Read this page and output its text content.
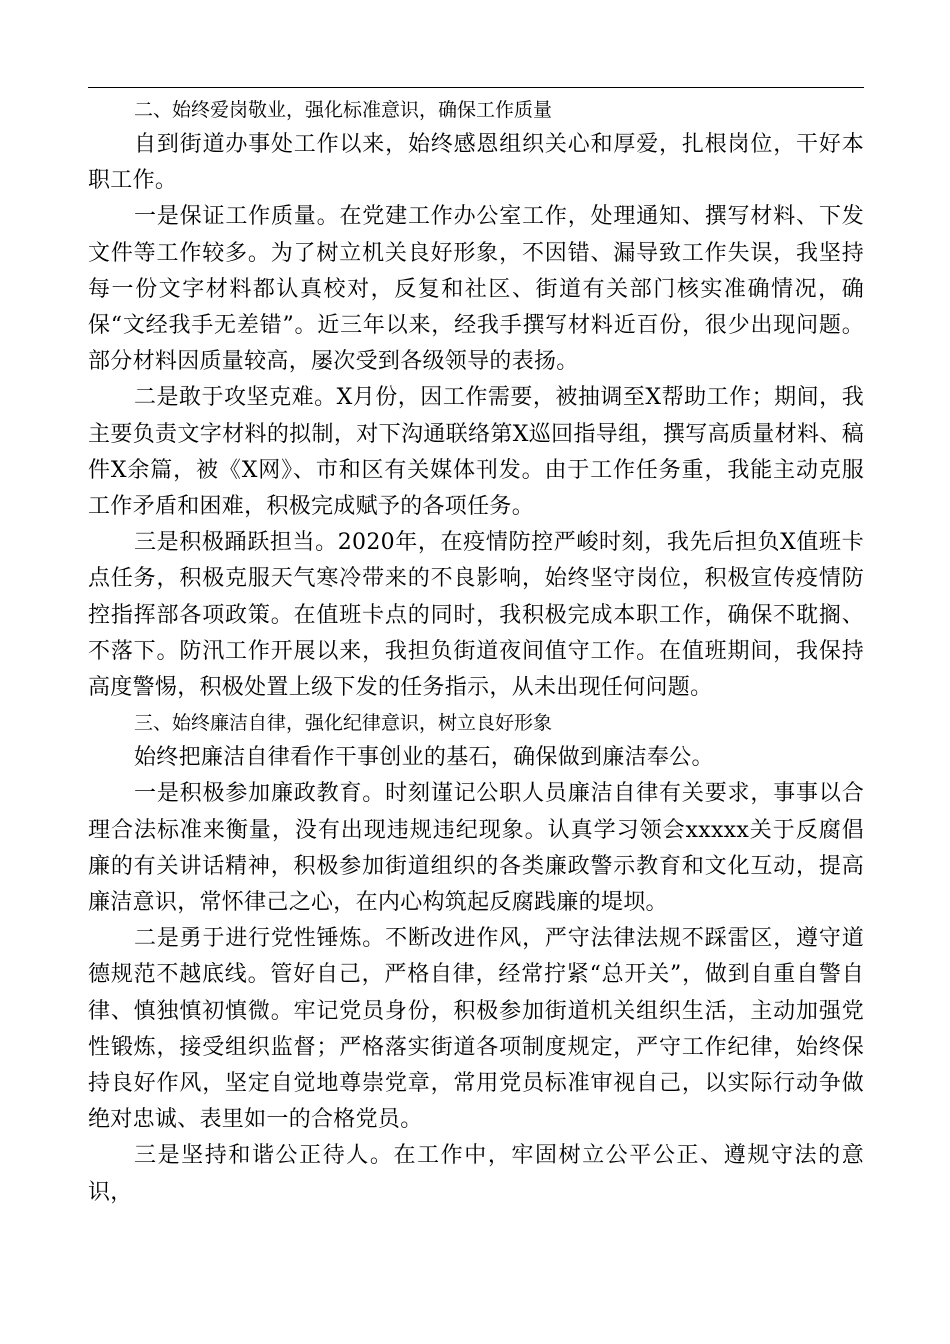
二、始终爱岗敬业，强化标准意识，确保工作质量

自到街道办事处工作以来，始终感恩组织关心和厚爱，扎根岗位，干好本职工作。

一是保证工作质量。在党建工作办公室工作，处理通知、撰写材料、下发文件等工作较多。为了树立机关良好形象，不因错、漏导致工作失误，我坚持每一份文字材料都认真校对，反复和社区、街道有关部门核实准确情况，确保“文经我手无差错”。近三年以来，经我手撰写材料近百份，很少出现问题。部分材料因质量较高，屡次受到各级领导的表扬。

二是敢于攻坚克难。X月份，因工作需要，被抽调至X帮助工作；期间，我主要负责文字材料的拟制，对下沟通联络第X巡回指导组，撰写高质量材料、稿件X余篇，被《X网》、市和区有关媒体刊发。由于工作任务重，我能主动克服工作矛盾和困难，积极完成赋予的各项任务。

三是积极踊跃担当。2020年，在疫情防控严峻时刻，我先后担负X值班卡点任务，积极克服天气寒冷带来的不良影响，始终坚守岗位，积极宣传疫情防控指挥部各项政策。在值班卡点的同时，我积极完成本职工作，确保不耽搁、不落下。防汛工作开展以来，我担负街道夜间值守工作。在值班期间，我保持高度警惕，积极处置上级下发的任务指示，从未出现任何问题。

三、始终廉洁自律，强化纪律意识，树立良好形象

始终把廉洁自律看作干事创业的基石，确保做到廉洁奉公。

一是积极参加廉政教育。时刻谨记公职人员廉洁自律有关要求，事事以合理合法标准来衡量，没有出现违规违纪现象。认真学习领会xxxxx关于反腐倡廉的有关讲话精神，积极参加街道组织的各类廉政警示教育和文化互动，提高廉洁意识，常怀律己之心，在内心构筑起反腐践廉的堤坝。

二是勇于进行党性锤炼。不断改进作风，严守法律法规不踩雷区，遵守道德规范不越底线。管好自己，严格自律，经常拧紧“总开关”，做到自重自警自律、慎独慎初慎微。牢记党员身份，积极参加街道机关组织生活，主动加强党性锻炼，接受组织监督；严格落实街道各项制度规定，严守工作纪律，始终保持良好作风，坚定自觉地尊崇党章，常用党员标准审视自己，以实际行动争做绝对忠诚、表里如一的合格党员。

三是坚持和谐公正待人。在工作中，牢固树立公平公正、遵规守法的意识，
